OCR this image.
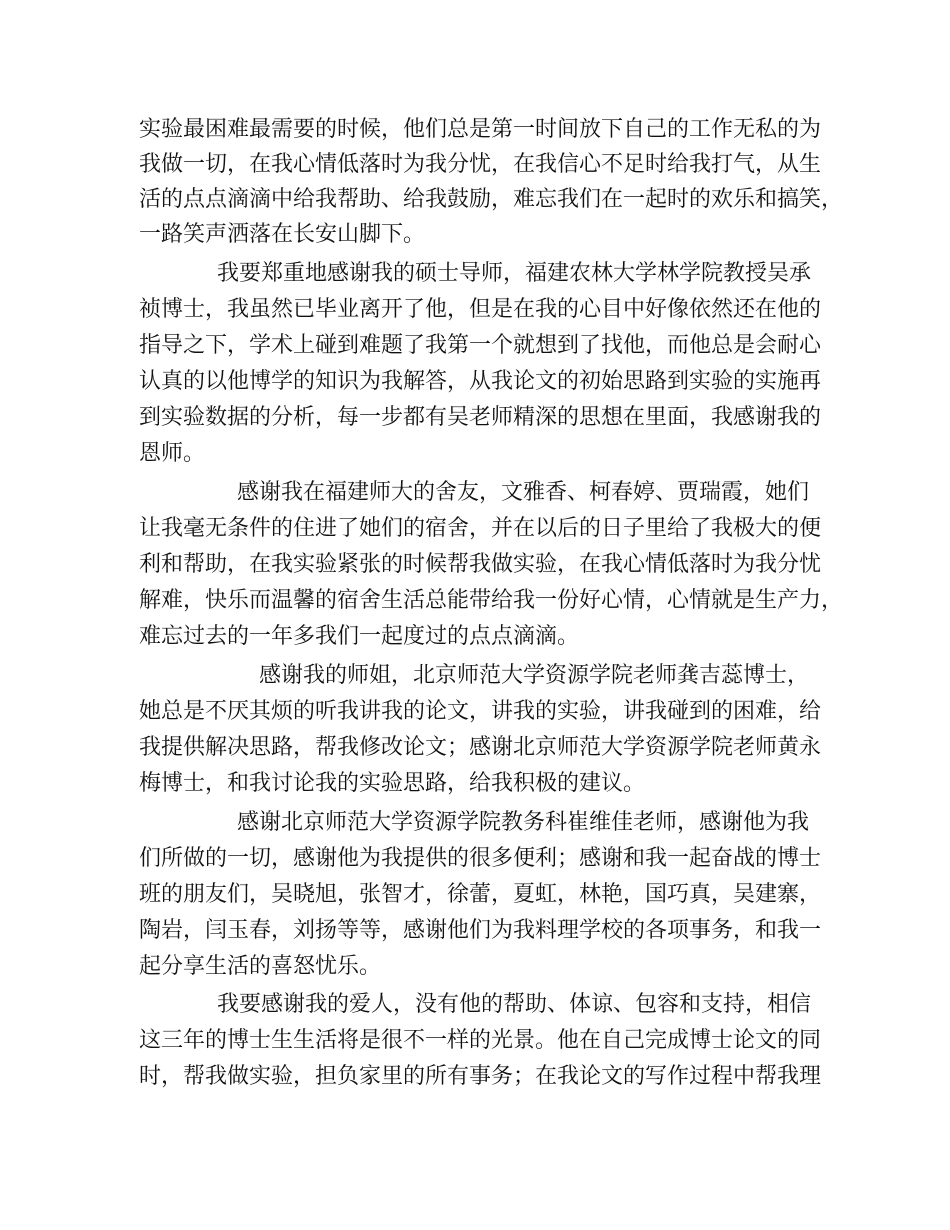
实验最困难最需要的时候，他们总是第一时间放下自己的工作无私的为
我做一切，在我心情低落时为我分忧，在我信心不足时给我打气，从生
活的点点滴滴中给我帮助、给我鼓励，难忘我们在一起时的欢乐和搞笑，
一路笑声洒落在长安山脚下。
我要郑重地感谢我的硕士导师，福建农林大学林学院教授吴承
祯博士，我虽然已毕业离开了他，但是在我的心目中好像依然还在他的
指导之下，学术上碰到难题了我第一个就想到了找他，而他总是会耐心
认真的以他博学的知识为我解答，从我论文的初始思路到实验的实施再
到实验数据的分析，每一步都有吴老师精深的思想在里面，我感谢我的
恩师。
感谢我在福建师大的舍友，文雅香、柯春婷、贾瑞霞，她们
让我毫无条件的住进了她们的宿舍，并在以后的日子里给了我极大的便
利和帮助，在我实验紧张的时候帮我做实验，在我心情低落时为我分忧
解难，快乐而温馨的宿舍生活总能带给我一份好心情，心情就是生产力，
难忘过去的一年多我们一起度过的点点滴滴。
感谢我的师姐，北京师范大学资源学院老师龚吉蕊博士，
她总是不厌其烦的听我讲我的论文，讲我的实验，讲我碰到的困难，给
我提供解决思路，帮我修改论文；感谢北京师范大学资源学院老师黄永
梅博士，和我讨论我的实验思路，给我积极的建议。
感谢北京师范大学资源学院教务科崔维佳老师，感谢他为我
们所做的一切，感谢他为我提供的很多便利；感谢和我一起奋战的博士
班的朋友们，吴晓旭，张智才，徐蕾，夏虹，林艳，国巧真，吴建寨，
陶岩，闫玉春，刘扬等等，感谢他们为我料理学校的各项事务，和我一
起分享生活的喜怒忧乐。
我要感谢我的爱人，没有他的帮助、体谅、包容和支持，相信
这三年的博士生生活将是很不一样的光景。他在自己完成博士论文的同
时，帮我做实验，担负家里的所有事务；在我论文的写作过程中帮我理
